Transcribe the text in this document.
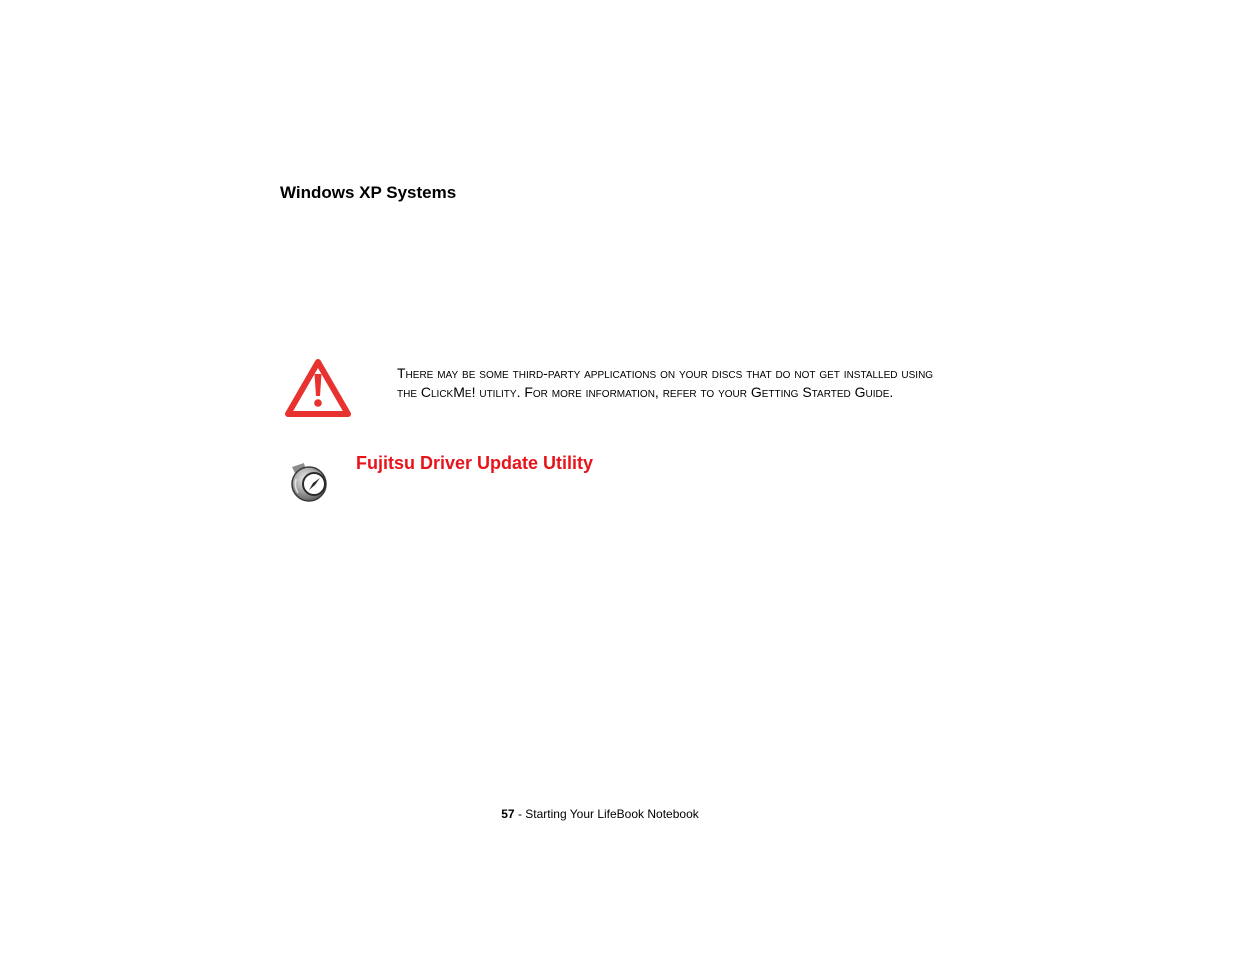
Windows XP Systems

There may be some third-party applications on your discs that do not get installed using
the ClickMe! utility. For more information, refer to your Getting Started Guide.

Fujitsu Driver Update Utility
57 - Starting Your LifeBook Notebook
